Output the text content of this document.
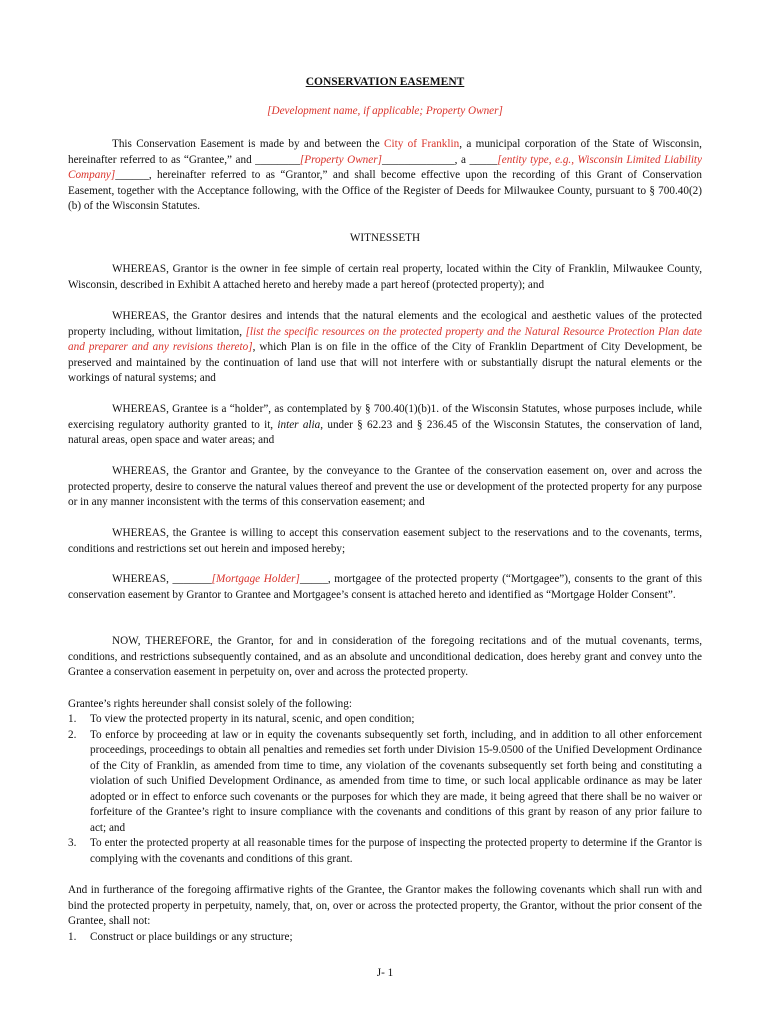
CONSERVATION EASEMENT
[Development name, if applicable; Property Owner]

This Conservation Easement is made by and between the City of Franklin, a municipal corporation of the State of Wisconsin, hereinafter referred to as “Grantee,” and ________[Property Owner]_____________, a _____[entity type, e.g., Wisconsin Limited Liability Company]______, hereinafter referred to as “Grantor,” and shall become effective upon the recording of this Grant of Conservation Easement, together with the Acceptance following, with the Office of the Register of Deeds for Milwaukee County, pursuant to § 700.40(2)(b) of the Wisconsin Statutes.

WITNESSETH

WHEREAS, Grantor is the owner in fee simple of certain real property, located within the City of Franklin, Milwaukee County, Wisconsin, described in Exhibit A attached hereto and hereby made a part hereof (protected property); and

WHEREAS, the Grantor desires and intends that the natural elements and the ecological and aesthetic values of the protected property including, without limitation, [list the specific resources on the protected property and the Natural Resource Protection Plan date and preparer and any revisions thereto], which Plan is on file in the office of the City of Franklin Department of City Development, be preserved and maintained by the continuation of land use that will not interfere with or substantially disrupt the natural elements or the workings of natural systems; and

WHEREAS, Grantee is a “holder”, as contemplated by § 700.40(1)(b)1. of the Wisconsin Statutes, whose purposes include, while exercising regulatory authority granted to it, inter alia, under § 62.23 and § 236.45 of the Wisconsin Statutes, the conservation of land, natural areas, open space and water areas; and

WHEREAS, the Grantor and Grantee, by the conveyance to the Grantee of the conservation easement on, over and across the protected property, desire to conserve the natural values thereof and prevent the use or development of the protected property for any purpose or in any manner inconsistent with the terms of this conservation easement; and

WHEREAS, the Grantee is willing to accept this conservation easement subject to the reservations and to the covenants, terms, conditions and restrictions set out herein and imposed hereby;

WHEREAS, _______[Mortgage Holder]_____, mortgagee of the protected property (“Mortgagee”), consents to the grant of this conservation easement by Grantor to Grantee and Mortgagee’s consent is attached hereto and identified as “Mortgage Holder Consent”.

NOW, THEREFORE, the Grantor, for and in consideration of the foregoing recitations and of the mutual covenants, terms, conditions, and restrictions subsequently contained, and as an absolute and unconditional dedication, does hereby grant and convey unto the Grantee a conservation easement in perpetuity on, over and across the protected property.

Grantee’s rights hereunder shall consist solely of the following:

1. To view the protected property in its natural, scenic, and open condition;
2. To enforce by proceeding at law or in equity the covenants subsequently set forth, including, and in addition to all other enforcement proceedings, proceedings to obtain all penalties and remedies set forth under Division 15-9.0500 of the Unified Development Ordinance of the City of Franklin, as amended from time to time, any violation of the covenants subsequently set forth being and constituting a violation of such Unified Development Ordinance, as amended from time to time, or such local applicable ordinance as may be later adopted or in effect to enforce such covenants or the purposes for which they are made, it being agreed that there shall be no waiver or forfeiture of the Grantee’s right to insure compliance with the covenants and conditions of this grant by reason of any prior failure to act; and
3. To enter the protected property at all reasonable times for the purpose of inspecting the protected property to determine if the Grantor is complying with the covenants and conditions of this grant.

And in furtherance of the foregoing affirmative rights of the Grantee, the Grantor makes the following covenants which shall run with and bind the protected property in perpetuity, namely, that, on, over or across the protected property, the Grantor, without the prior consent of the Grantee, shall not:

1. Construct or place buildings or any structure;
J- 1
